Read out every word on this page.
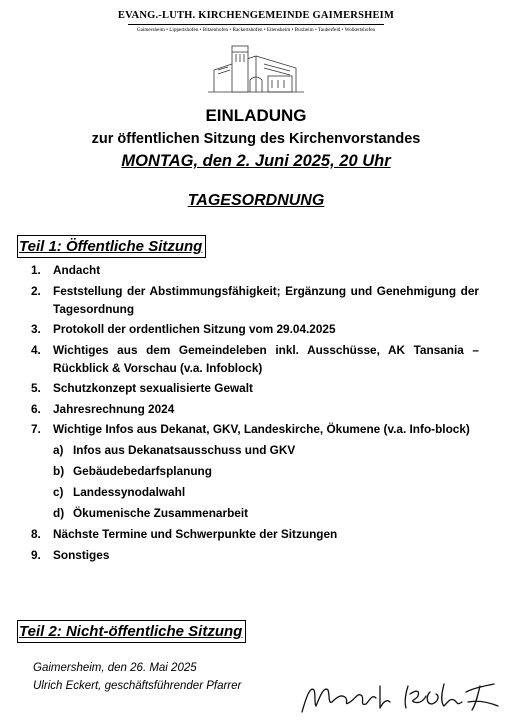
EVANG.-LUTH. KIRCHENGEMEINDE GAIMERSHEIM
Gaimersheim • Lippertshofen • Bitzenhofen • Rackertshofen • Eitensheim • Buxheim • Tauberfeld • Wolkertshofen
EINLADUNG
zur öffentlichen Sitzung des Kirchenvorstandes
MONTAG, den 2. Juni 2025, 20 Uhr
TAGESORDNUNG
Teil 1: Öffentliche Sitzung
1. Andacht
2. Feststellung der Abstimmungsfähigkeit; Ergänzung und Genehmigung der Tagesordnung
3. Protokoll der ordentlichen Sitzung vom 29.04.2025
4. Wichtiges aus dem Gemeindeleben inkl. Ausschüsse, AK Tansania – Rückblick & Vorschau (v.a. Infoblock)
5. Schutzkonzept sexualisierte Gewalt
6. Jahresrechnung 2024
7. Wichtige Infos aus Dekanat, GKV, Landeskirche, Ökumene (v.a. Info-block)
a) Infos aus Dekanatsausschuss und GKV
b) Gebäudebedarfsplanung
c) Landessynodalwahl
d) Ökumenische Zusammenarbeit
8. Nächste Termine und Schwerpunkte der Sitzungen
9. Sonstiges
Teil 2: Nicht-öffentliche Sitzung
Gaimersheim, den 26. Mai 2025
Ulrich Eckert, geschäftsführender Pfarrer
